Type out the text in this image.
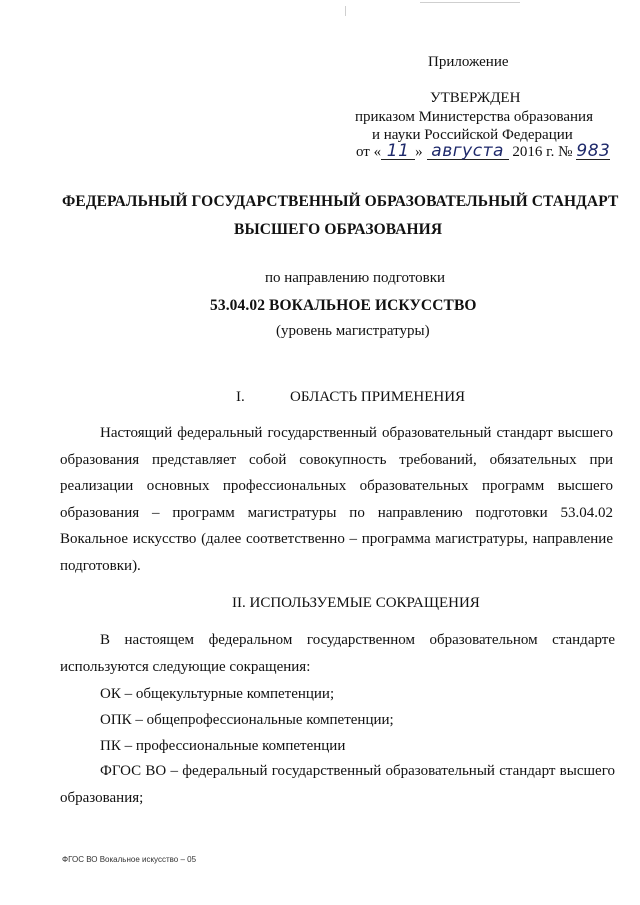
Приложение
УТВЕРЖДЕН
приказом Министерства образования
и науки Российской Федерации
от « 11 » августа 2016 г. № 983
ФЕДЕРАЛЬНЫЙ ГОСУДАРСТВЕННЫЙ ОБРАЗОВАТЕЛЬНЫЙ СТАНДАРТ
ВЫСШЕГО ОБРАЗОВАНИЯ
по направлению подготовки
53.04.02 ВОКАЛЬНОЕ ИСКУССТВО
(уровень магистратуры)
I.	ОБЛАСТЬ ПРИМЕНЕНИЯ
Настоящий федеральный государственный образовательный стандарт высшего образования представляет собой совокупность требований, обязательных при реализации основных профессиональных образовательных программ высшего образования – программ магистратуры по направлению подготовки 53.04.02 Вокальное искусство (далее соответственно – программа магистратуры, направление подготовки).
II. ИСПОЛЬЗУЕМЫЕ СОКРАЩЕНИЯ
В настоящем федеральном государственном образовательном стандарте используются следующие сокращения:
ОК – общекультурные компетенции;
ОПК – общепрофессиональные компетенции;
ПК – профессиональные компетенции
ФГОС ВО – федеральный государственный образовательный стандарт высшего образования;
ФГОС ВО Вокальное искусство – 05
